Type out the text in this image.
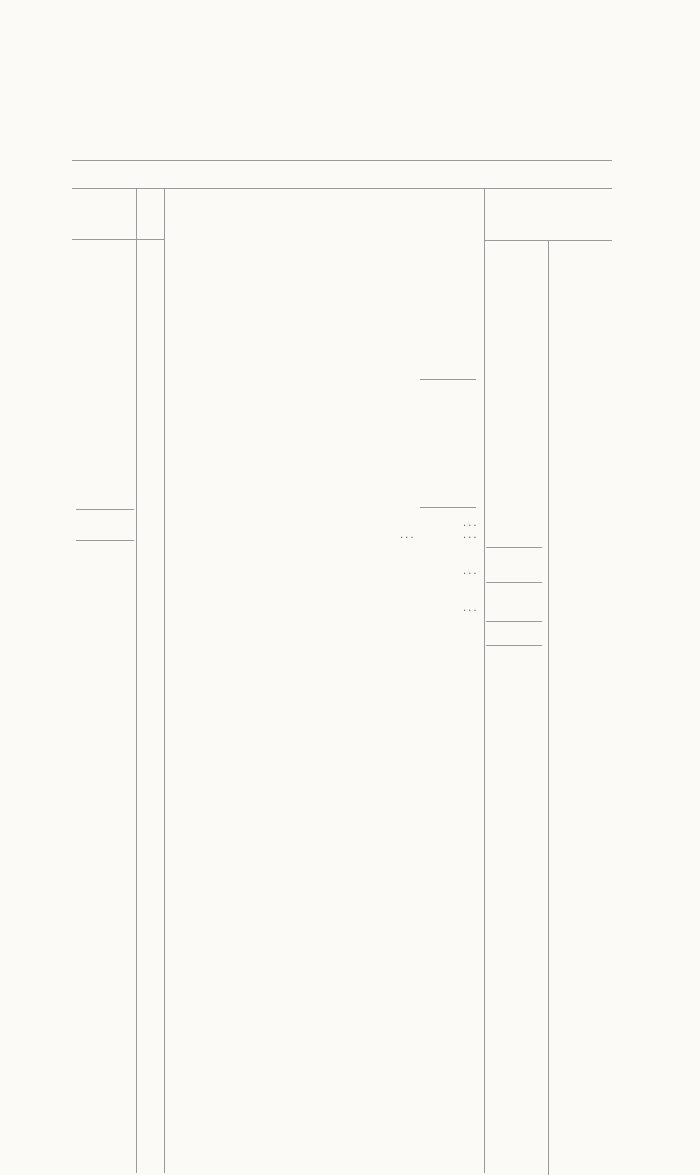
...
...	...
...
...
